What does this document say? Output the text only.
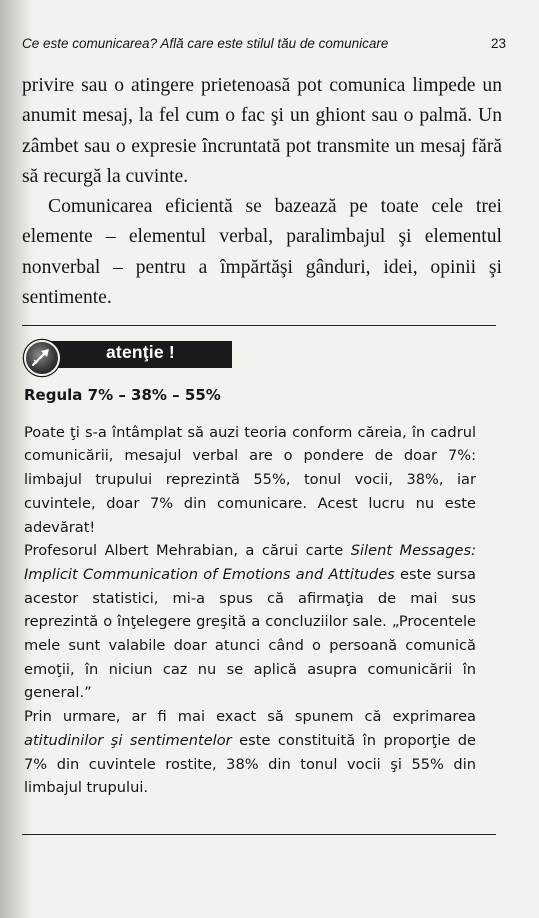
Ce este comunicarea? Află care este stilul tău de comunicare	23

privire sau o atingere prietenoasă pot comunica limpede un anumit mesaj, la fel cum o fac şi un ghiont sau o palmă. Un zâmbet sau o expresie încruntată pot transmite un mesaj fără să recurgă la cuvinte.

Comunicarea eficientă se bazează pe toate cele trei elemente – elementul verbal, paralimbajul şi elementul nonverbal – pentru a împărtăşi gânduri, idei, opinii şi sentimente.

atenţie !
Regula 7% – 38% – 55%

Poate ţi s-a întâmplat să auzi teoria conform căreia, în cadrul comunicării, mesajul verbal are o pondere de doar 7%: limbajul trupului reprezintă 55%, tonul vocii, 38%, iar cuvintele, doar 7% din comunicare. Acest lucru nu este adevărat!

Profesorul Albert Mehrabian, a cărui carte Silent Messages: Implicit Communication of Emotions and Attitudes este sursa acestor statistici, mi-a spus că afirmaţia de mai sus reprezintă o înţelegere greşită a concluziilor sale. „Procentele mele sunt valabile doar atunci când o persoană comunică emoţii, în niciun caz nu se aplică asupra comunicării în general.”

Prin urmare, ar fi mai exact să spunem că exprimarea atitudinilor şi sentimentelor este constituită în proporţie de 7% din cuvintele rostite, 38% din tonul vocii şi 55% din limbajul trupului.
